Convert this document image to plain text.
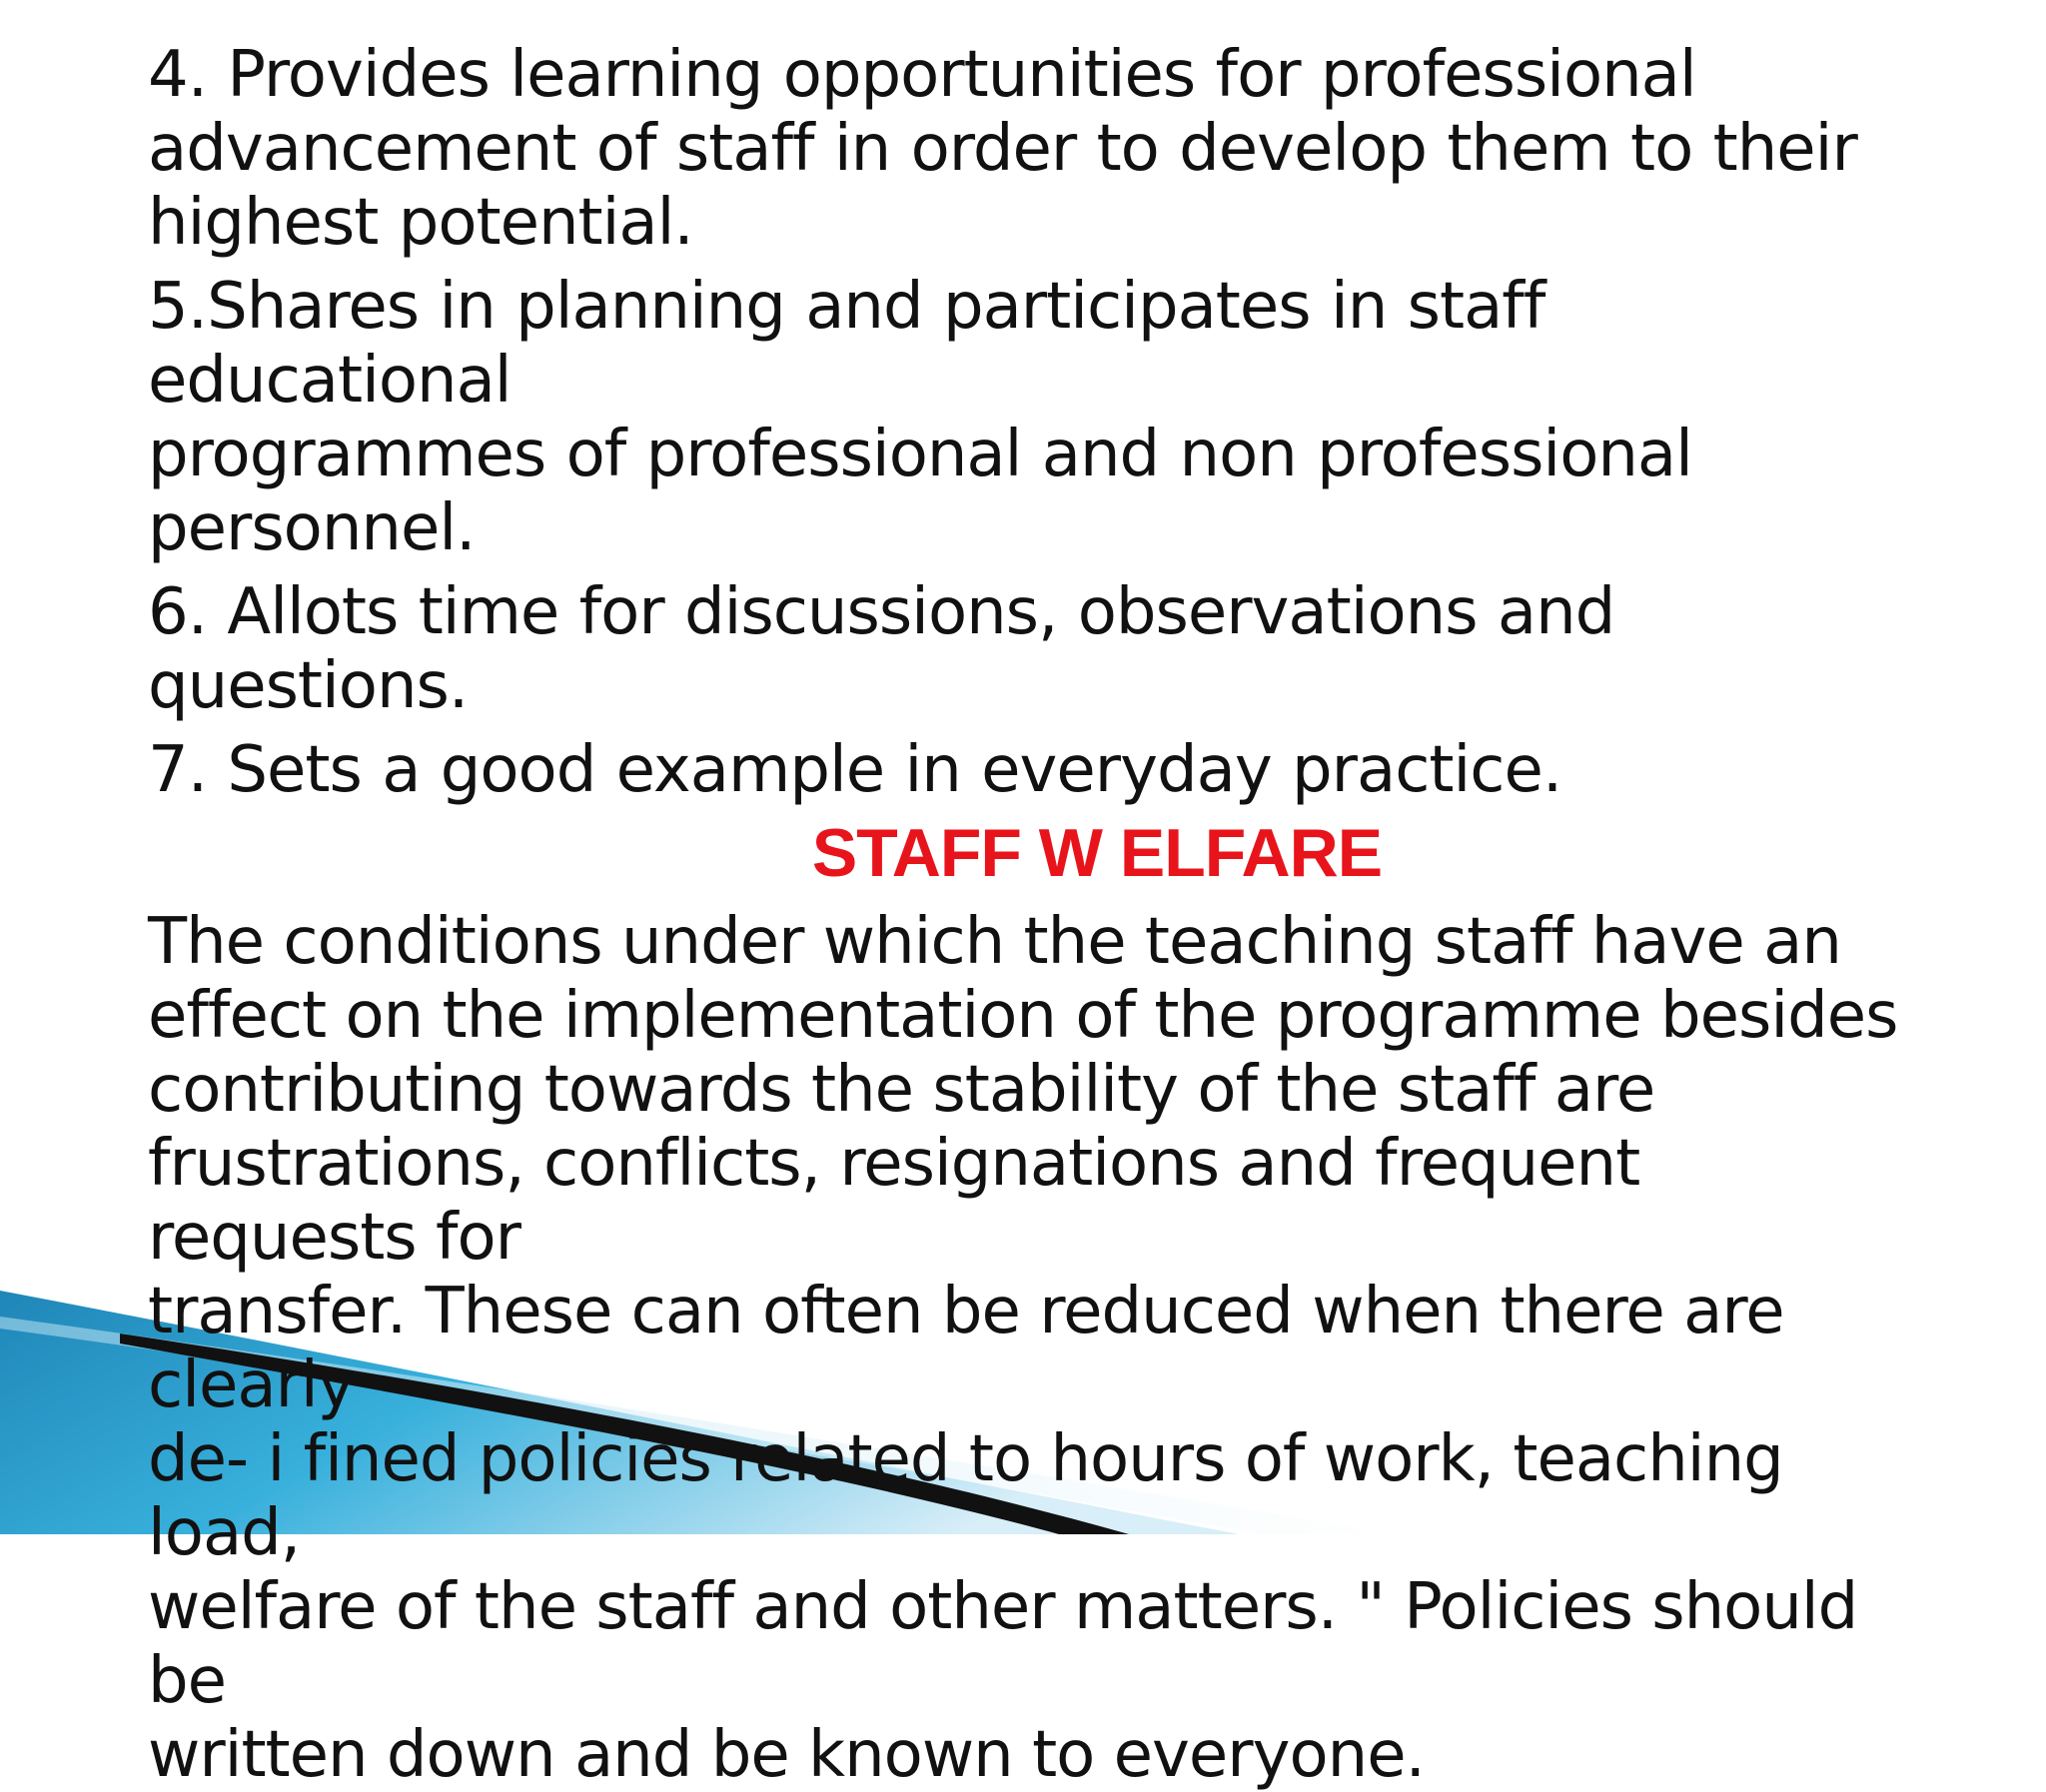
4. Provides learning opportunities for professional
advancement of staff in order to develop them to their
highest potential.

5.Shares in planning and participates in staff educational
programmes of professional and non professional
personnel.

6. Allots time for discussions, observations and questions.

7. Sets a good example in everyday practice.

STAFF W ELFARE

The conditions under which the teaching staff have an
effect on the implementation of the programme besides
contributing towards the stability of the staff are
frustrations, conflicts, resignations and frequent requests for
transfer. These can often be reduced when there are clearly
de- i fined policies related to hours of work, teaching load,
welfare of the staff and other matters. " Policies should be
written down and be known to everyone.
